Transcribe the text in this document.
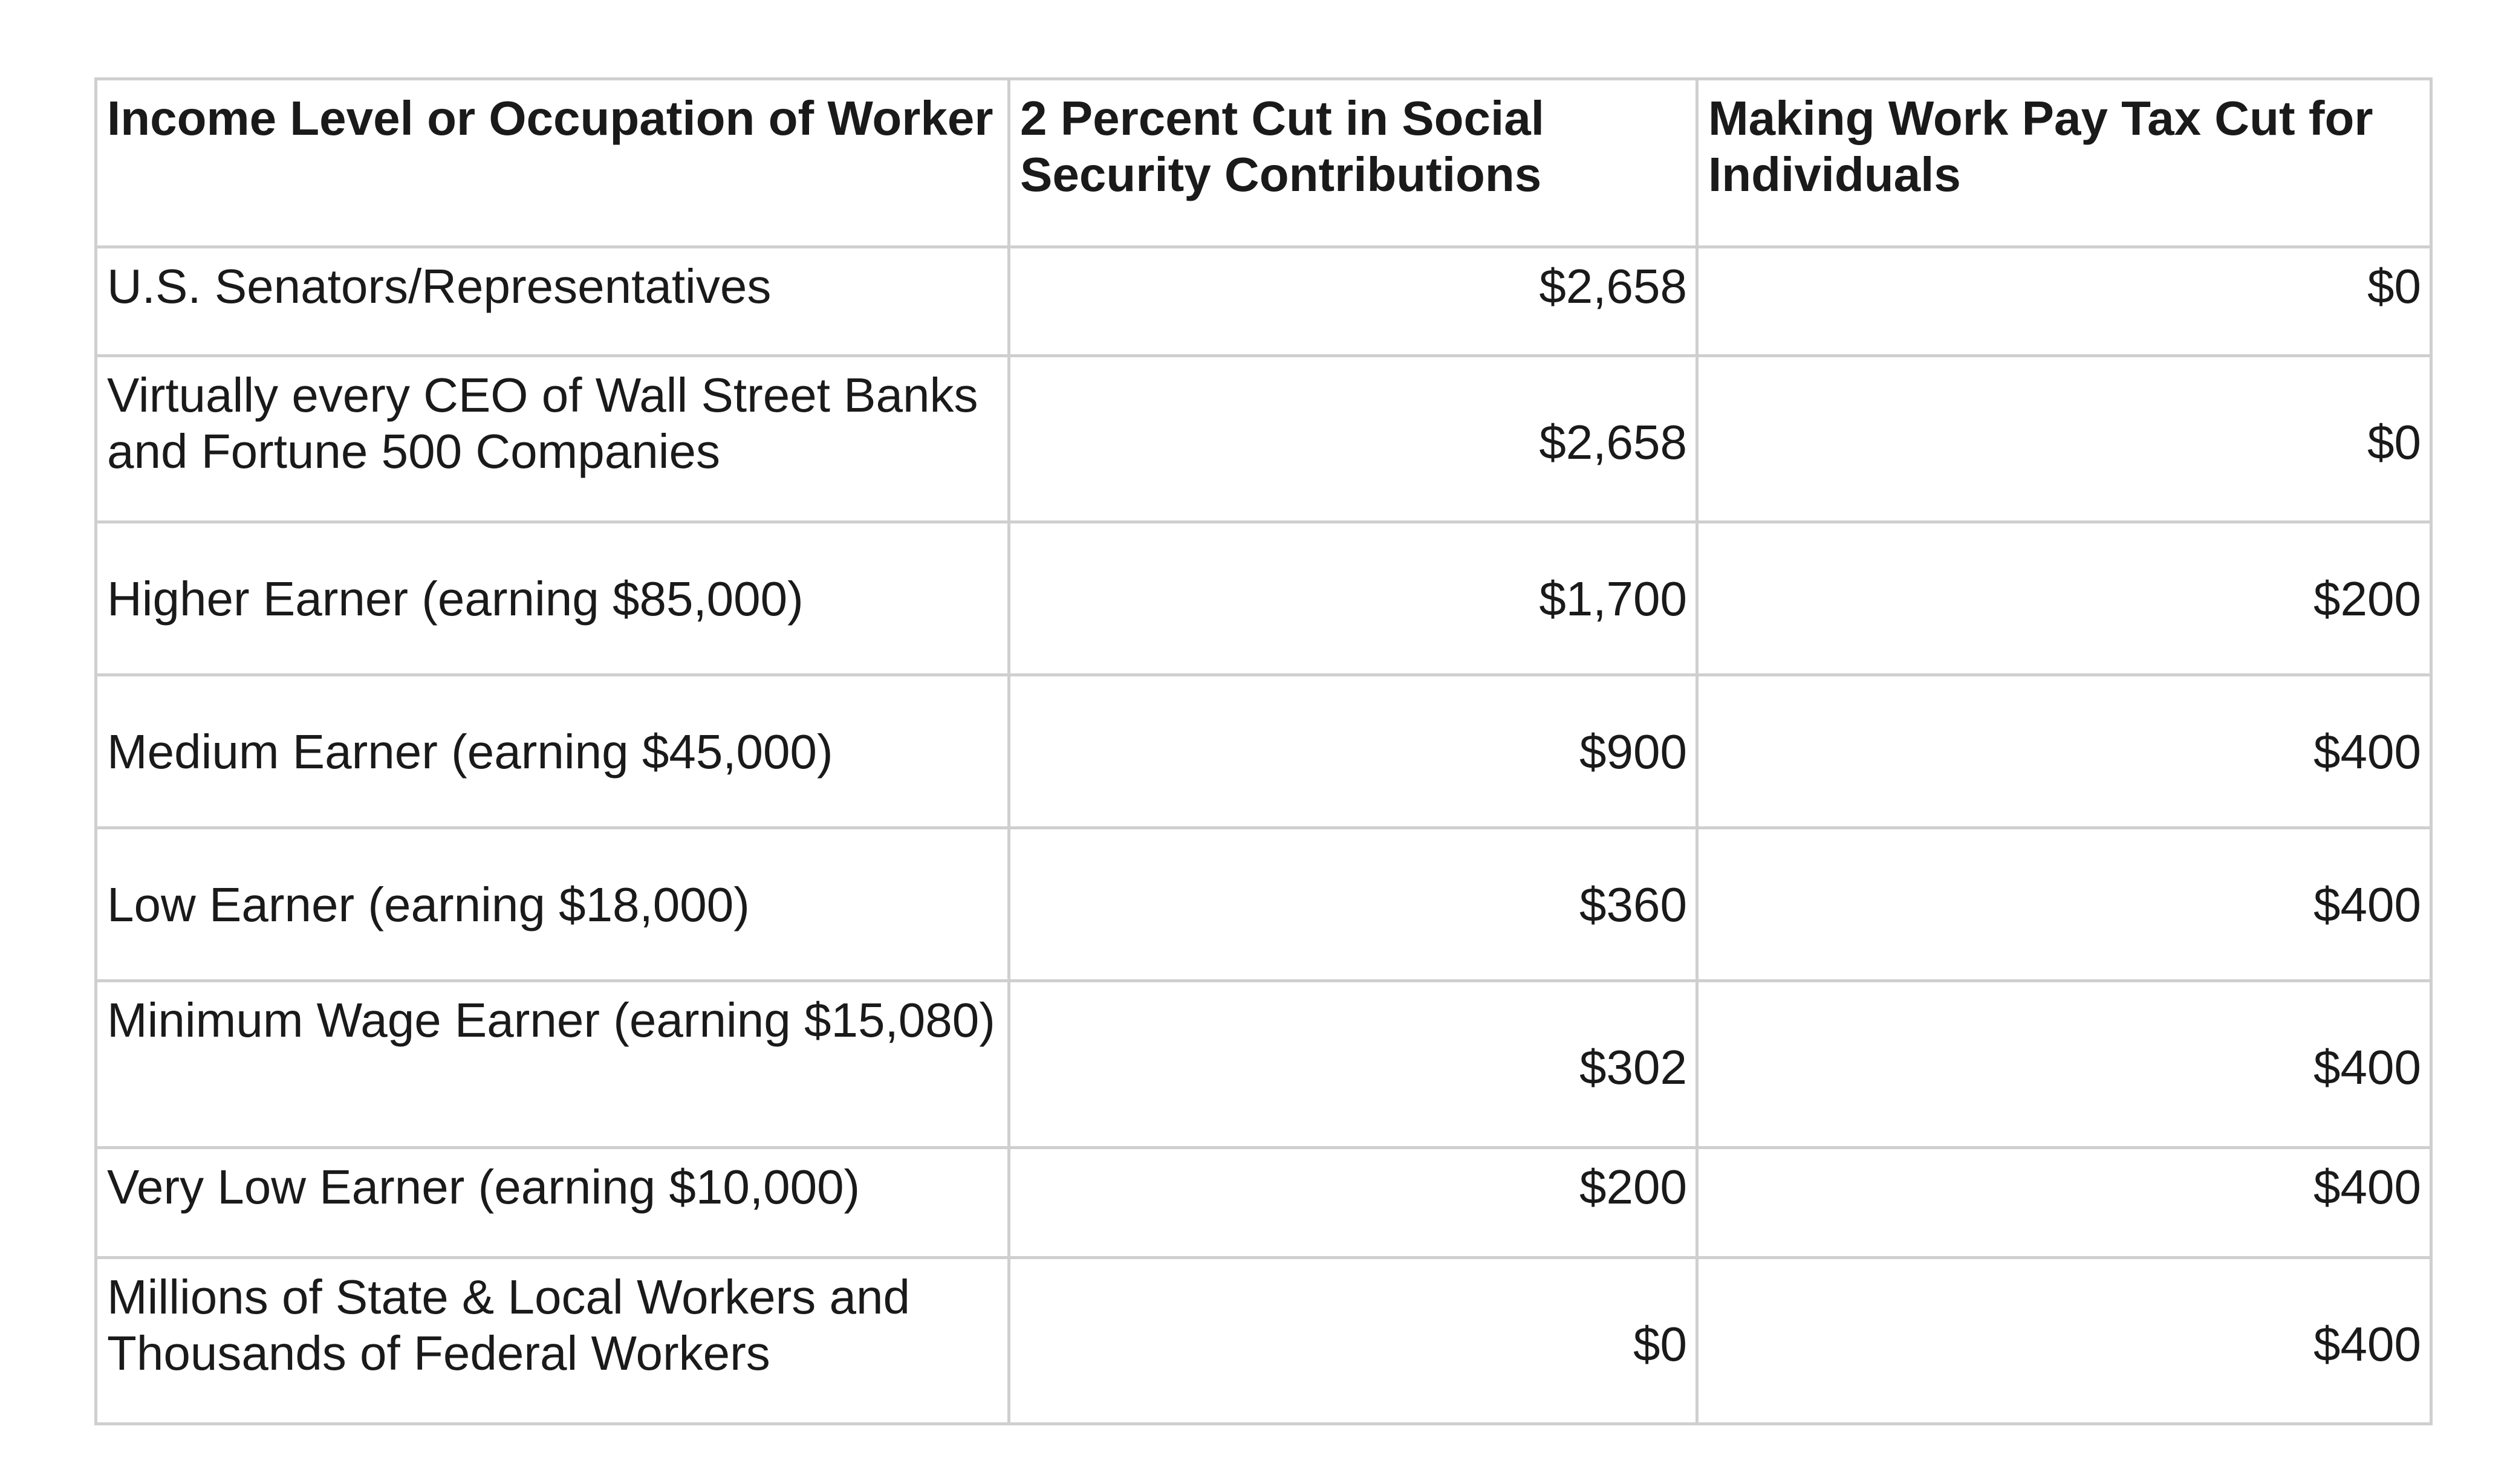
Income Level or Occupation of Worker	2 Percent Cut in Social Security Contributions	Making Work Pay Tax Cut for Individuals
U.S. Senators/Representatives	$2,658	$0
Virtually every CEO of Wall Street Banks and Fortune 500 Companies	$2,658	$0
Higher Earner (earning $85,000)	$1,700	$200
Medium Earner (earning $45,000)	$900	$400
Low Earner (earning $18,000)	$360	$400
Minimum Wage Earner (earning $15,080)	$302	$400
Very Low Earner (earning $10,000)	$200	$400
Millions of State & Local Workers and Thousands of Federal Workers	$0	$400
